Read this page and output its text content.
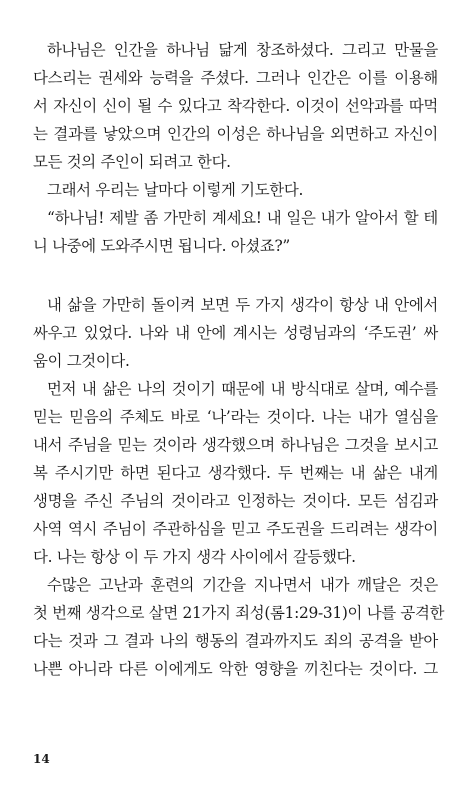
하나님은 인간을 하나님 닮게 창조하셨다. 그리고 만물을
다스리는 권세와 능력을 주셨다. 그러나 인간은 이를 이용해
서 자신이 신이 될 수 있다고 착각한다. 이것이 선악과를 따먹
는 결과를 낳았으며 인간의 이성은 하나님을 외면하고 자신이
모든 것의 주인이 되려고 한다.
그래서 우리는 날마다 이렇게 기도한다.
“하나님! 제발 좀 가만히 계세요! 내 일은 내가 알아서 할 테
니 나중에 도와주시면 됩니다. 아셨죠?”
내 삶을 가만히 돌이켜 보면 두 가지 생각이 항상 내 안에서
싸우고 있었다. 나와 내 안에 계시는 성령님과의 ‘주도권’ 싸
움이 그것이다.
먼저 내 삶은 나의 것이기 때문에 내 방식대로 살며, 예수를
믿는 믿음의 주체도 바로 ‘나’라는 것이다. 나는 내가 열심을
내서 주님을 믿는 것이라 생각했으며 하나님은 그것을 보시고
복 주시기만 하면 된다고 생각했다. 두 번째는 내 삶은 내게
생명을 주신 주님의 것이라고 인정하는 것이다. 모든 섬김과
사역 역시 주님이 주관하심을 믿고 주도권을 드리려는 생각이
다. 나는 항상 이 두 가지 생각 사이에서 갈등했다.
수많은 고난과 훈련의 기간을 지나면서 내가 깨달은 것은
첫 번째 생각으로 살면 21가지 죄성(롬1:29-31)이 나를 공격한
다는 것과 그 결과 나의 행동의 결과까지도 죄의 공격을 받아
나쁜 아니라 다른 이에게도 악한 영향을 끼친다는 것이다. 그
14
